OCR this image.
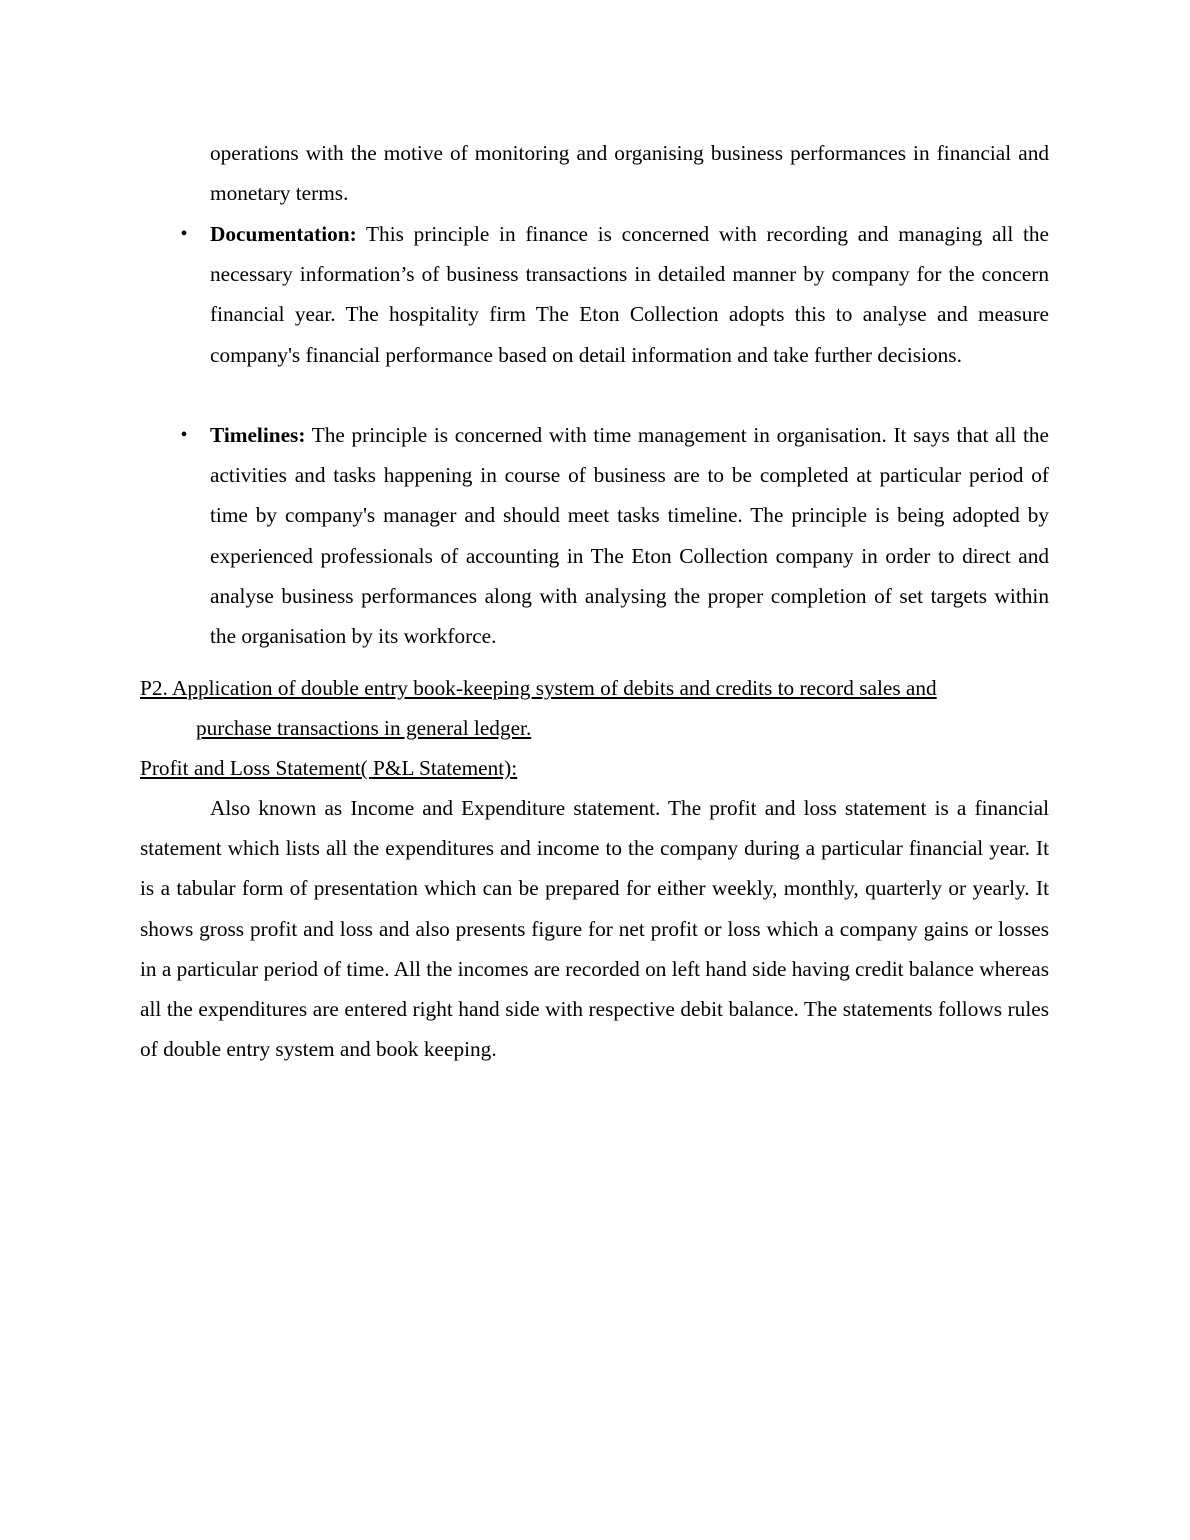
operations with the motive of monitoring and organising business performances in financial and monetary terms.
•	Documentation: This principle in finance is concerned with recording and managing all the necessary information’s of business transactions in detailed manner by company for the concern financial year. The hospitality firm The Eton Collection adopts this to analyse and measure company's financial performance based on detail information and take further decisions.
•	Timelines: The principle is concerned with time management in organisation. It says that all the activities and tasks happening in course of business are to be completed at particular period of time by company's manager and should meet tasks timeline. The principle is being adopted by experienced professionals of accounting in The Eton Collection company in order to direct and analyse business performances along with analysing the proper completion of set targets within the organisation by its workforce.
P2. Application of double entry book-keeping system of debits and credits to record sales and
purchase transactions in general ledger.
Profit and Loss Statement( P&L Statement):
Also known as Income and Expenditure statement. The profit and loss statement is a financial statement which lists all the expenditures and income to the company during a particular financial year. It is a tabular form of presentation which can be prepared for either weekly, monthly, quarterly or yearly. It shows gross profit and loss and also presents figure for net profit or loss which a company gains or losses in a particular period of time. All the incomes are recorded on left hand side having credit balance whereas all the expenditures are entered right hand side with respective debit balance. The statements follows rules of double entry system and book keeping.
